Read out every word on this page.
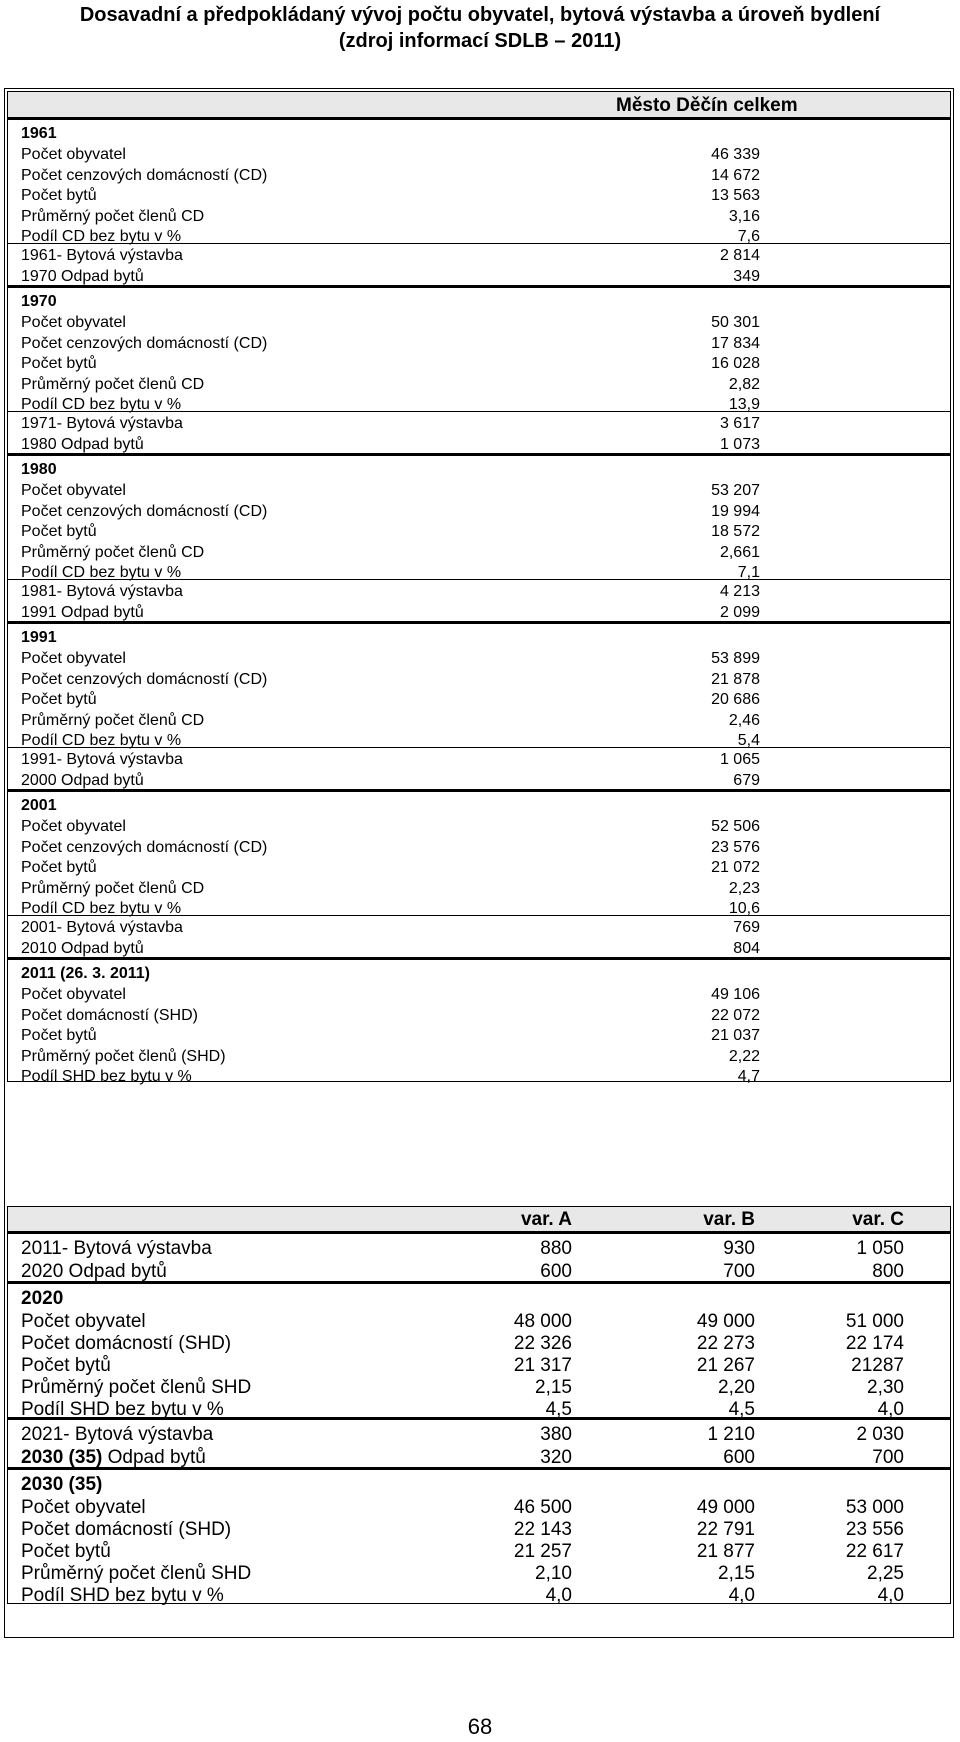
Dosavadní a předpokládaný vývoj počtu obyvatel, bytová výstavba a úroveň bydlení
(zdroj informací SDLB – 2011)
Město Děčín celkem
1961
Počet obyvatel	46 339
Počet cenzových domácností (CD)	14 672
Počet bytů	13 563
Průměrný počet členů CD	3,16
Podíl CD bez bytu v %	7,6
1961- Bytová výstavba	2 814
1970 Odpad bytů	349
1970
Počet obyvatel	50 301
Počet cenzových domácností (CD)	17 834
Počet bytů	16 028
Průměrný počet členů CD	2,82
Podíl CD bez bytu v %	13,9
1971- Bytová výstavba	3 617
1980 Odpad bytů	1 073
1980
Počet obyvatel	53 207
Počet cenzových domácností (CD)	19 994
Počet bytů	18 572
Průměrný počet členů CD	2,661
Podíl CD bez bytu v %	7,1
1981- Bytová výstavba	4 213
1991 Odpad bytů	2 099
1991
Počet obyvatel	53 899
Počet cenzových domácností (CD)	21 878
Počet bytů	20 686
Průměrný počet členů CD	2,46
Podíl CD bez bytu v %	5,4
1991- Bytová výstavba	1 065
2000 Odpad bytů	679
2001
Počet obyvatel	52 506
Počet cenzových domácností (CD)	23 576
Počet bytů	21 072
Průměrný počet členů CD	2,23
Podíl CD bez bytu v %	10,6
2001- Bytová výstavba	769
2010 Odpad bytů	804
2011 (26. 3. 2011)
Počet obyvatel	49 106
Počet domácností (SHD)	22 072
Počet bytů	21 037
Průměrný počet členů (SHD)	2,22
Podíl SHD bez bytu v %	4,7
var. A	var. B	var. C
2011- Bytová výstavba	880	930	1 050
2020 Odpad bytů	600	700	800
2020
Počet obyvatel	48 000	49 000	51 000
Počet domácností (SHD)	22 326	22 273	22 174
Počet bytů	21 317	21 267	21287
Průměrný počet členů SHD	2,15	2,20	2,30
Podíl SHD bez bytu v %	4,5	4,5	4,0
2021- Bytová výstavba	380	1 210	2 030
2030 (35) Odpad bytů	320	600	700
2030 (35)
Počet obyvatel	46 500	49 000	53 000
Počet domácností (SHD)	22 143	22 791	23 556
Počet bytů	21 257	21 877	22 617
Průměrný počet členů SHD	2,10	2,15	2,25
Podíl SHD bez bytu v %	4,0	4,0	4,0
68
